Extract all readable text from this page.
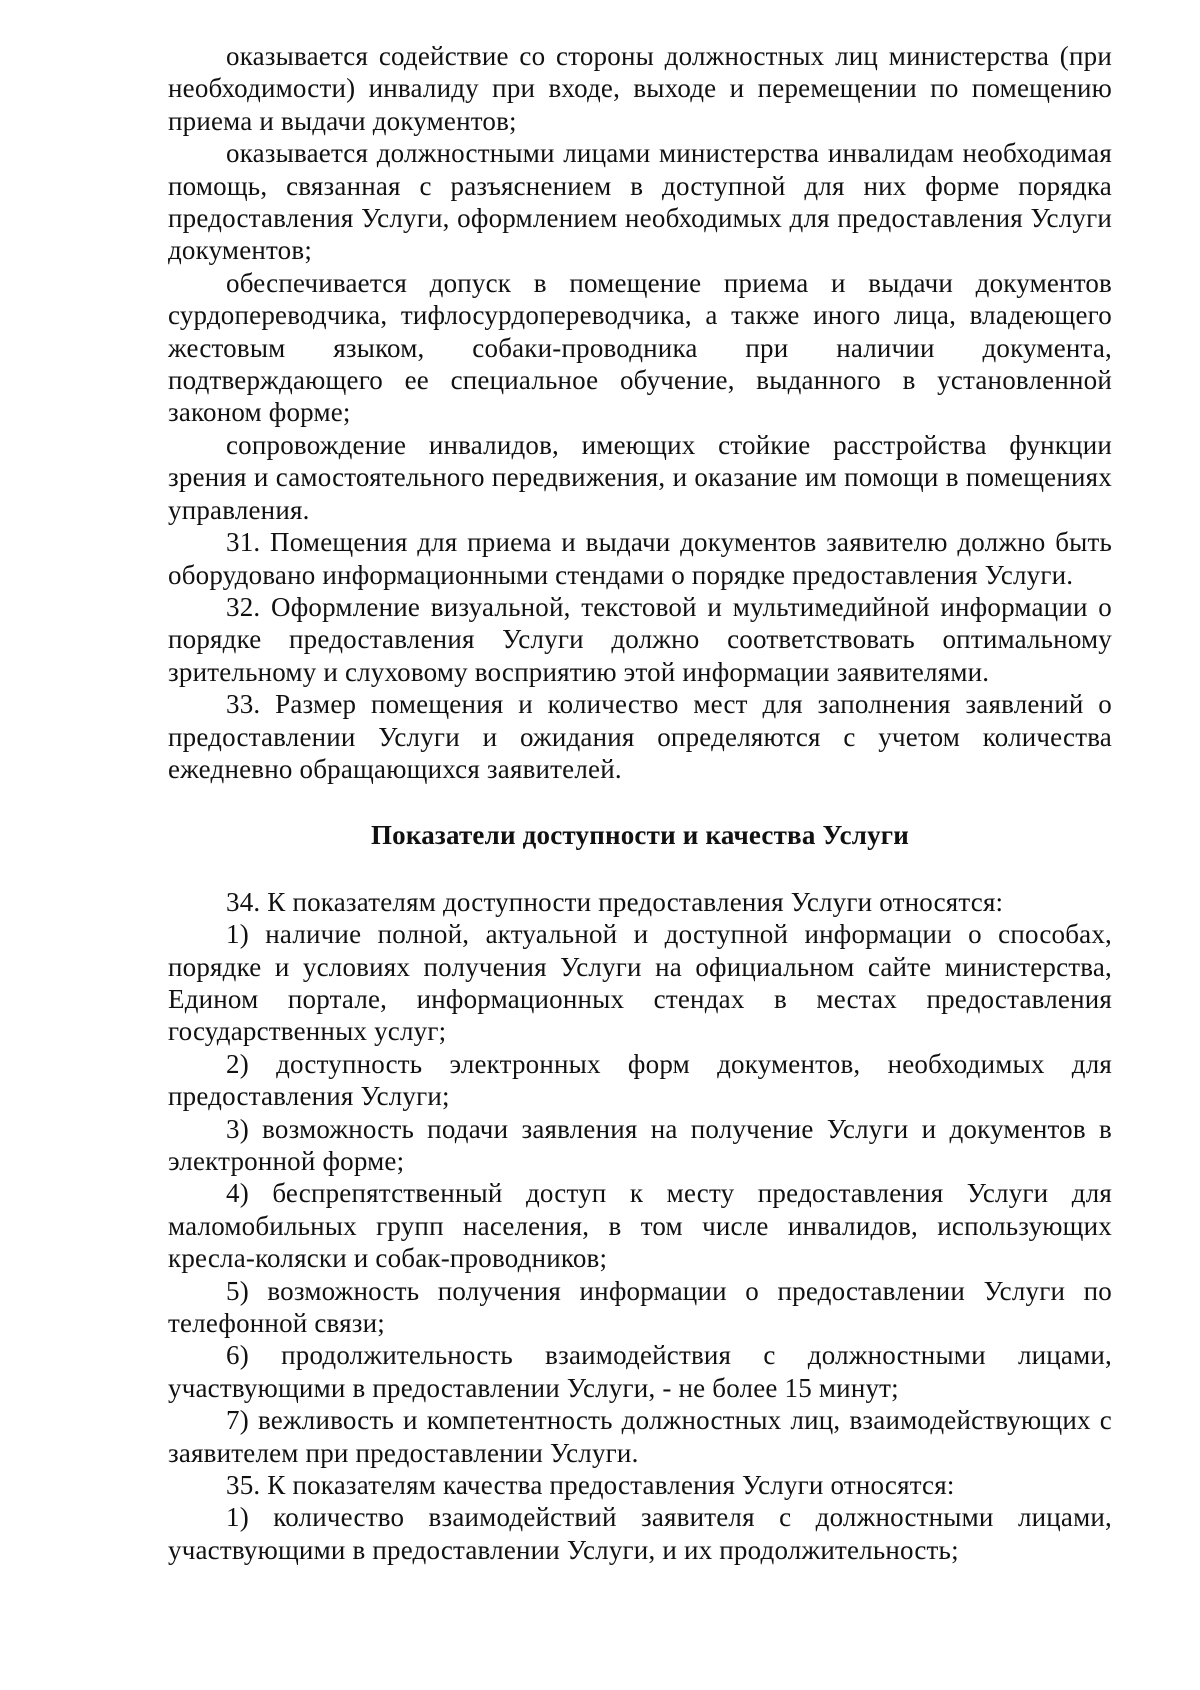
оказывается содействие со стороны должностных лиц министерства (при необходимости) инвалиду при входе, выходе и перемещении по помещению приема и выдачи документов;

оказывается должностными лицами министерства инвалидам необходимая помощь, связанная с разъяснением в доступной для них форме порядка предоставления Услуги, оформлением необходимых для предоставления Услуги документов;

обеспечивается допуск в помещение приема и выдачи документов сурдопереводчика, тифлосурдопереводчика, а также иного лица, владеющего жестовым языком, собаки-проводника при наличии документа, подтверждающего ее специальное обучение, выданного в установленной законом форме;

сопровождение инвалидов, имеющих стойкие расстройства функции зрения и самостоятельного передвижения, и оказание им помощи в помещениях управления.

31. Помещения для приема и выдачи документов заявителю должно быть оборудовано информационными стендами о порядке предоставления Услуги.

32. Оформление визуальной, текстовой и мультимедийной информации о порядке предоставления Услуги должно соответствовать оптимальному зрительному и слуховому восприятию этой информации заявителями.

33. Размер помещения и количество мест для заполнения заявлений о предоставлении Услуги и ожидания определяются с учетом количества ежедневно обращающихся заявителей.

Показатели доступности и качества Услуги

34. К показателям доступности предоставления Услуги относятся:

1) наличие полной, актуальной и доступной информации о способах, порядке и условиях получения Услуги на официальном сайте министерства, Едином портале, информационных стендах в местах предоставления государственных услуг;

2) доступность электронных форм документов, необходимых для предоставления Услуги;

3) возможность подачи заявления на получение Услуги и документов в электронной форме;

4) беспрепятственный доступ к месту предоставления Услуги для маломобильных групп населения, в том числе инвалидов, использующих кресла-коляски и собак-проводников;

5) возможность получения информации о предоставлении Услуги по телефонной связи;

6) продолжительность взаимодействия с должностными лицами, участвующими в предоставлении Услуги, - не более 15 минут;

7) вежливость и компетентность должностных лиц, взаимодействующих с заявителем при предоставлении Услуги.

35. К показателям качества предоставления Услуги относятся:

1) количество взаимодействий заявителя с должностными лицами, участвующими в предоставлении Услуги, и их продолжительность;
